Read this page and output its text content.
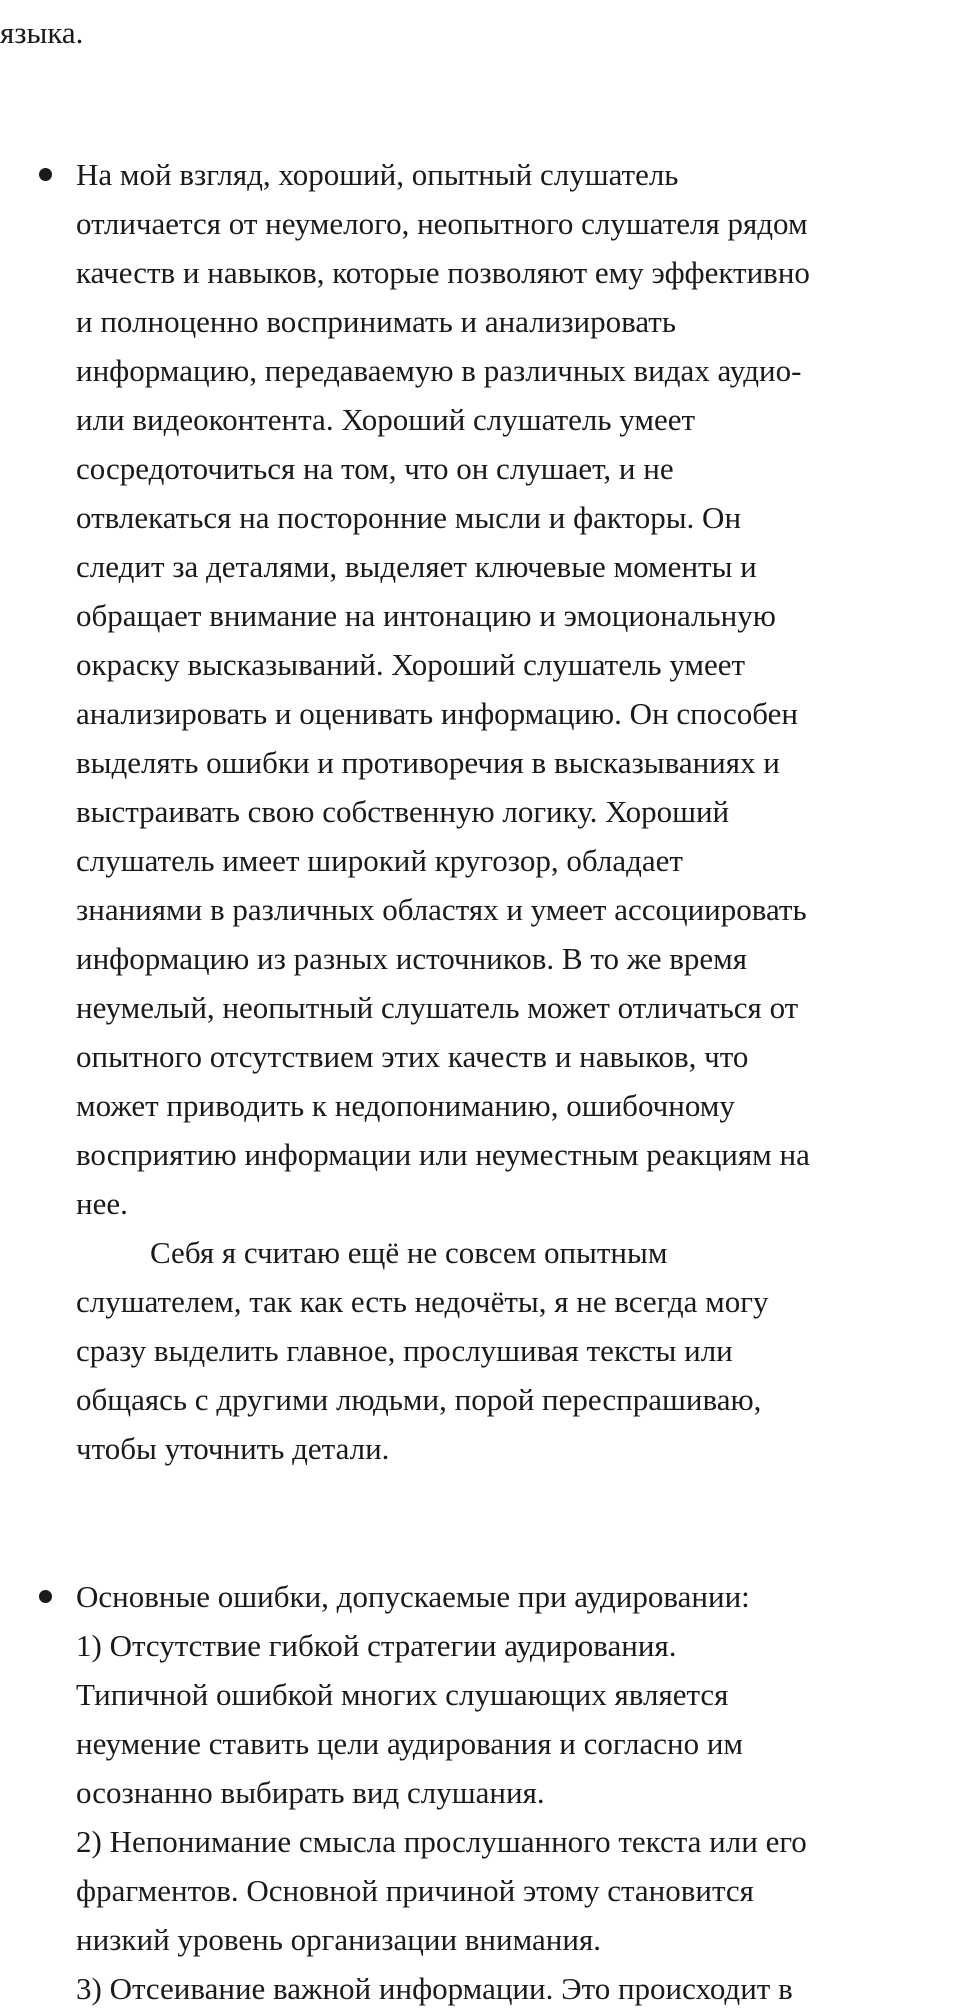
языка.
На мой взгляд, хороший, опытный слушатель
отличается от неумелого, неопытного слушателя рядом
качеств и навыков, которые позволяют ему эффективно
и полноценно воспринимать и анализировать
информацию, передаваемую в различных видах аудио-
или видеоконтента. Хороший слушатель умеет
сосредоточиться на том, что он слушает, и не
отвлекаться на посторонние мысли и факторы. Он
следит за деталями, выделяет ключевые моменты и
обращает внимание на интонацию и эмоциональную
окраску высказываний. Хороший слушатель умеет
анализировать и оценивать информацию. Он способен
выделять ошибки и противоречия в высказываниях и
выстраивать свою собственную логику. Хороший
слушатель имеет широкий кругозор, обладает
знаниями в различных областях и умеет ассоциировать
информацию из разных источников. В то же время
неумелый, неопытный слушатель может отличаться от
опытного отсутствием этих качеств и навыков, что
может приводить к недопониманию, ошибочному
восприятию информации или неуместным реакциям на
нее.
Себя я считаю ещё не совсем опытным
слушателем, так как есть недочёты, я не всегда могу
сразу выделить главное, прослушивая тексты или
общаясь с другими людьми, порой переспрашиваю,
чтобы уточнить детали.
Основные ошибки, допускаемые при аудировании:
1) Отсутствие гибкой стратегии аудирования.
Типичной ошибкой многих слушающих является
неумение ставить цели аудирования и согласно им
осознанно выбирать вид слушания.
2) Непонимание смысла прослушанного текста или его
фрагментов. Основной причиной этому становится
низкий уровень организации внимания.
3) Отсеивание важной информации. Это происходит в
